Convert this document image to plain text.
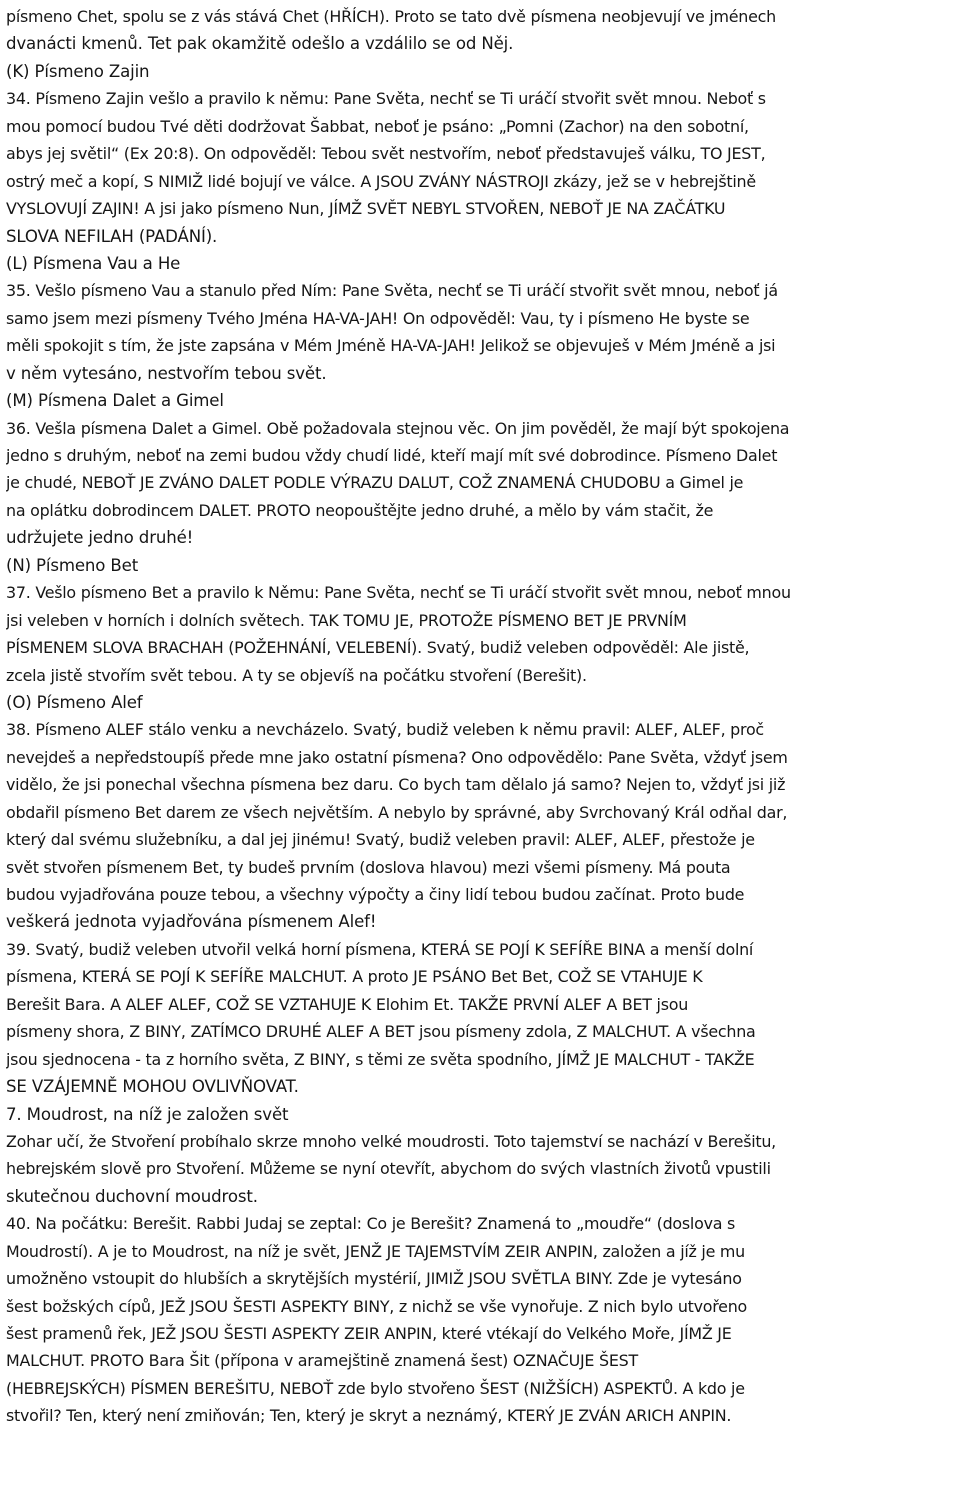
písmeno Chet, spolu se z vás stává Chet (HŘÍCH). Proto se tato dvě písmena neobjevují ve jménech
dvanácti kmenů. Tet pak okamžitě odešlo a vzdálilo se od Něj.
(K) Písmeno Zajin
34. Písmeno Zajin vešlo a pravilo k němu: Pane Světa, nechť se Ti uráčí stvořit svět mnou. Neboť s
mou pomocí budou Tvé děti dodržovat Šabbat, neboť je psáno: „Pomni (Zachor) na den sobotní,
abys jej světil“ (Ex 20:8). On odpověděl: Tebou svět nestvořím, neboť představuješ válku, TO JEST,
ostrý meč a kopí, S NIMIŽ lidé bojují ve válce. A JSOU ZVÁNY NÁSTROJI zkázy, jež se v hebrejštině
VYSLOVUJÍ ZAJIN! A jsi jako písmeno Nun, JÍMŽ SVĚT NEBYL STVOŘEN, NEBOŤ JE NA ZAČÁTKU
SLOVA NEFILAH (PADÁNÍ).
(L) Písmena Vau a He
35. Vešlo písmeno Vau a stanulo před Ním: Pane Světa, nechť se Ti uráčí stvořit svět mnou, neboť já
samo jsem mezi písmeny Tvého Jména HA-VA-JAH! On odpověděl: Vau, ty i písmeno He byste se
měli spokojit s tím, že jste zapsána v Mém Jméně HA-VA-JAH! Jelikož se objevuješ v Mém Jméně a jsi
v něm vytesáno, nestvořím tebou svět.
(M) Písmena Dalet a Gimel
36. Vešla písmena Dalet a Gimel. Obě požadovala stejnou věc. On jim pověděl, že mají být spokojena
jedno s druhým, neboť na zemi budou vždy chudí lidé, kteří mají mít své dobrodince. Písmeno Dalet
je chudé, NEBOŤ JE ZVÁNO DALET PODLE VÝRAZU DALUT, COŽ ZNAMENÁ CHUDOBU a Gimel je
na oplátku dobrodincem DALET. PROTO neopouštějte jedno druhé, a mělo by vám stačit, že
udržujete jedno druhé!
(N) Písmeno Bet
37. Vešlo písmeno Bet a pravilo k Němu: Pane Světa, nechť se Ti uráčí stvořit svět mnou, neboť mnou
jsi veleben v horních i dolních světech. TAK TOMU JE, PROTOŽE PÍSMENO BET JE PRVNÍM
PÍSMENEM SLOVA BRACHAH (POŽEHNÁNÍ, VELEBENÍ). Svatý, budiž veleben odpověděl: Ale jistě,
zcela jistě stvořím svět tebou. A ty se objevíš na počátku stvoření (Berešit).
(O) Písmeno Alef
38. Písmeno ALEF stálo venku a nevcházelo. Svatý, budiž veleben k němu pravil: ALEF, ALEF, proč
nevejdeš a nepředstoupíš přede mne jako ostatní písmena? Ono odpovědělo: Pane Světa, vždyť jsem
vidělo, že jsi ponechal všechna písmena bez daru. Co bych tam dělalo já samo? Nejen to, vždyť jsi již
obdařil písmeno Bet darem ze všech největším. A nebylo by správné, aby Svrchovaný Král odňal dar,
který dal svému služebníku, a dal jej jinému! Svatý, budiž veleben pravil: ALEF, ALEF, přestože je
svět stvořen písmenem Bet, ty budeš prvním (doslova hlavou) mezi všemi písmeny. Má pouta
budou vyjadřována pouze tebou, a všechny výpočty a činy lidí tebou budou začínat. Proto bude
veškerá jednota vyjadřována písmenem Alef!
39. Svatý, budiž veleben utvořil velká horní písmena, KTERÁ SE POJÍ K SEFÍŘE BINA a menší dolní
písmena, KTERÁ SE POJÍ K SEFÍŘE MALCHUT. A proto JE PSÁNO Bet Bet, COŽ SE VTAHUJE K
Berešit Bara. A ALEF ALEF, COŽ SE VZTAHUJE K Elohim Et. TAKŽE PRVNÍ ALEF A BET jsou
písmeny shora, Z BINY, ZATÍMCO DRUHÉ ALEF A BET jsou písmeny zdola, Z MALCHUT. A všechna
jsou sjednocena - ta z horního světa, Z BINY, s těmi ze světa spodního, JÍMŽ JE MALCHUT - TAKŽE
SE VZÁJEMNĚ MOHOU OVLIVŇOVAT.
7. Moudrost, na níž je založen svět
Zohar učí, že Stvoření probíhalo skrze mnoho velké moudrosti. Toto tajemství se nachází v Berešitu,
hebrejském slově pro Stvoření. Můžeme se nyní otevřít, abychom do svých vlastních životů vpustili
skutečnou duchovní moudrost.
40. Na počátku: Berešit. Rabbi Judaj se zeptal: Co je Berešit? Znamená to „moudře“ (doslova s
Moudrostí). A je to Moudrost, na níž je svět, JENŽ JE TAJEMSTVÍM ZEIR ANPIN, založen a jíž je mu
umožněno vstoupit do hlubších a skrytějších mystérií, JIMIŽ JSOU SVĚTLA BINY. Zde je vytesáno
šest božských cípů, JEŽ JSOU ŠESTI ASPEKTY BINY, z nichž se vše vynořuje. Z nich bylo utvořeno
šest pramenů řek, JEŽ JSOU ŠESTI ASPEKTY ZEIR ANPIN, které vtékají do Velkého Moře, JÍMŽ JE
MALCHUT. PROTO Bara Šit (přípona v aramejštině znamená šest) OZNAČUJE ŠEST
(HEBREJSKÝCH) PÍSMEN BEREŠITU, NEBOŤ zde bylo stvořeno ŠEST (NIŽŠÍCH) ASPEKTŮ. A kdo je
stvořil? Ten, který není zmiňován; Ten, který je skryt a neznámý, KTERÝ JE ZVÁN ARICH ANPIN.
